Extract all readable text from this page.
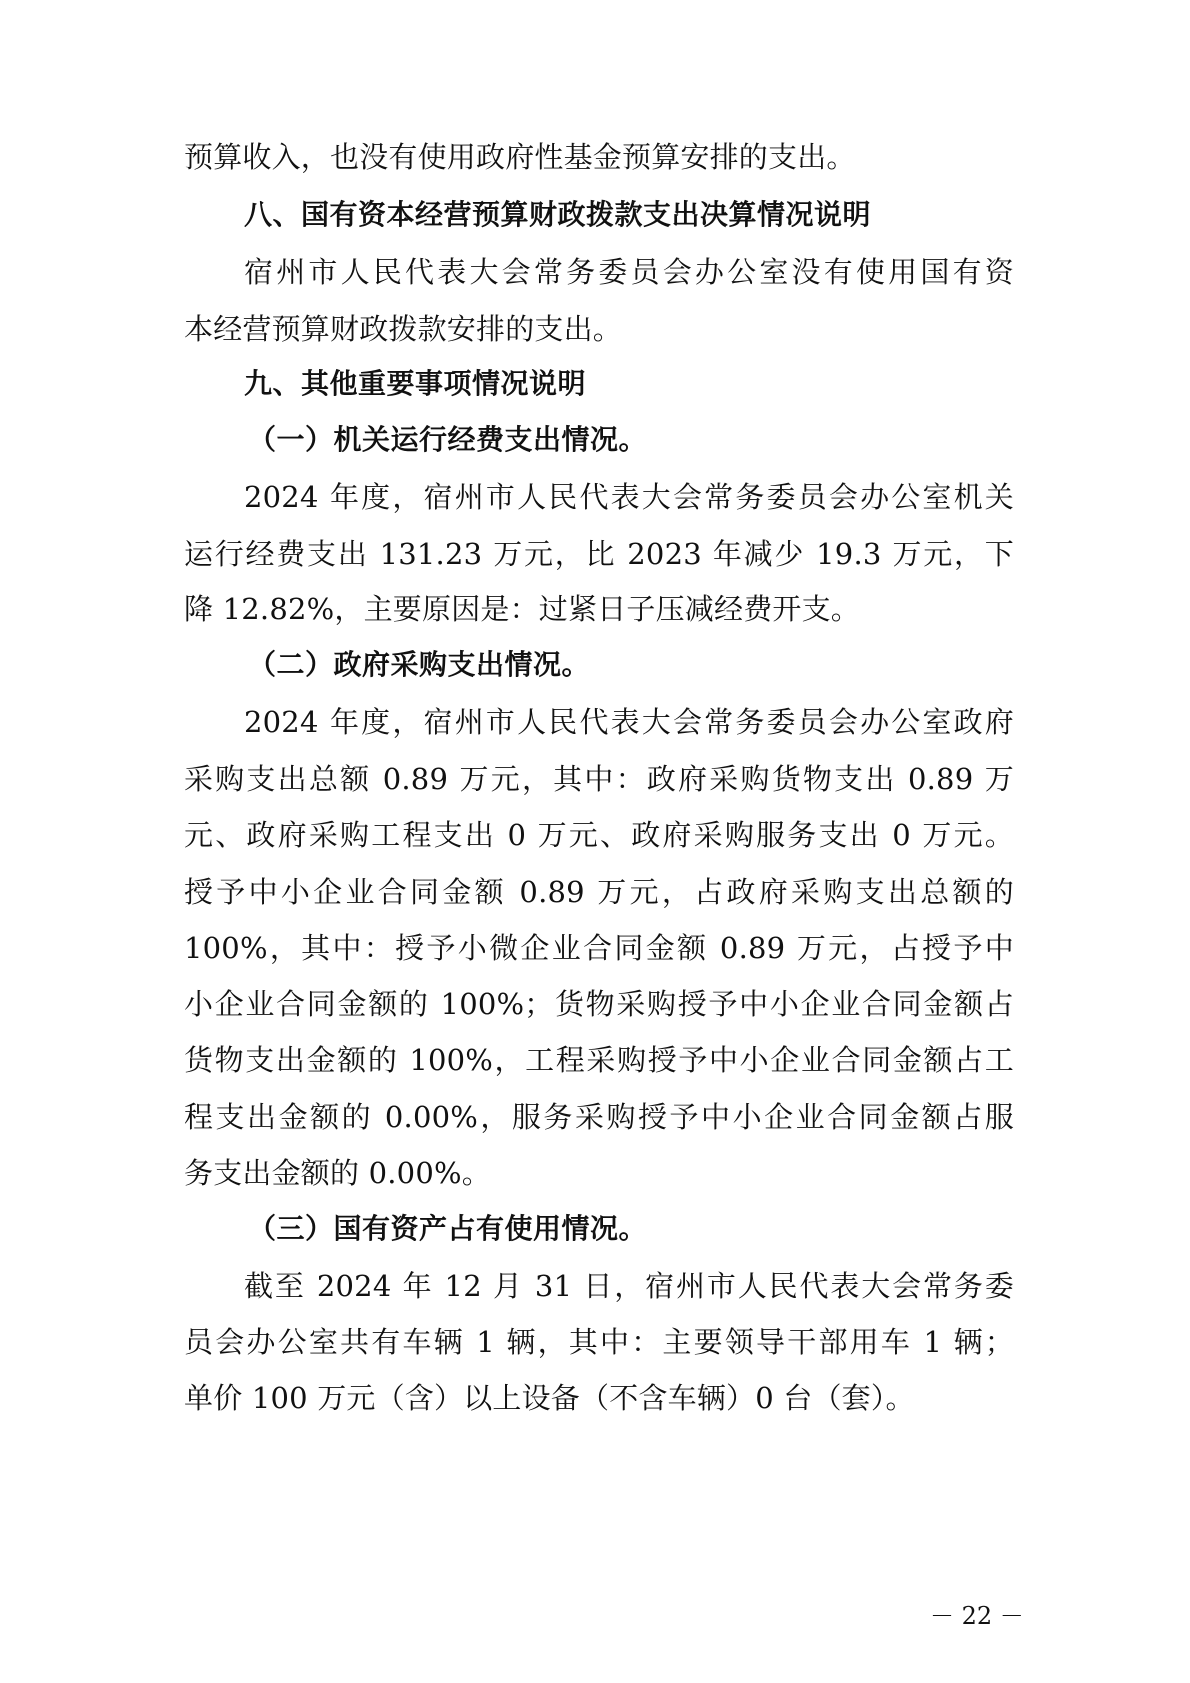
预算收入，也没有使用政府性基金预算安排的支出。
八、国有资本经营预算财政拨款支出决算情况说明
宿州市人民代表大会常务委员会办公室没有使用国有资
本经营预算财政拨款安排的支出。
九、其他重要事项情况说明
（一）机关运行经费支出情况。
2024 年度，宿州市人民代表大会常务委员会办公室机关
运行经费支出 131.23 万元，比 2023 年减少 19.3 万元，下
降 12.82%，主要原因是：过紧日子压减经费开支。
（二）政府采购支出情况。
2024 年度，宿州市人民代表大会常务委员会办公室政府
采购支出总额 0.89 万元，其中：政府采购货物支出 0.89 万
元、政府采购工程支出 0 万元、政府采购服务支出 0 万元。
授予中小企业合同金额 0.89 万元，占政府采购支出总额的
100%，其中：授予小微企业合同金额 0.89 万元，占授予中
小企业合同金额的 100%；货物采购授予中小企业合同金额占
货物支出金额的 100%，工程采购授予中小企业合同金额占工
程支出金额的 0.00%，服务采购授予中小企业合同金额占服
务支出金额的 0.00%。
（三）国有资产占有使用情况。
截至 2024 年 12 月 31 日，宿州市人民代表大会常务委
员会办公室共有车辆 1 辆，其中：主要领导干部用车 1 辆；
单价 100 万元（含）以上设备（不含车辆）0 台（套）。
－ 22 －
